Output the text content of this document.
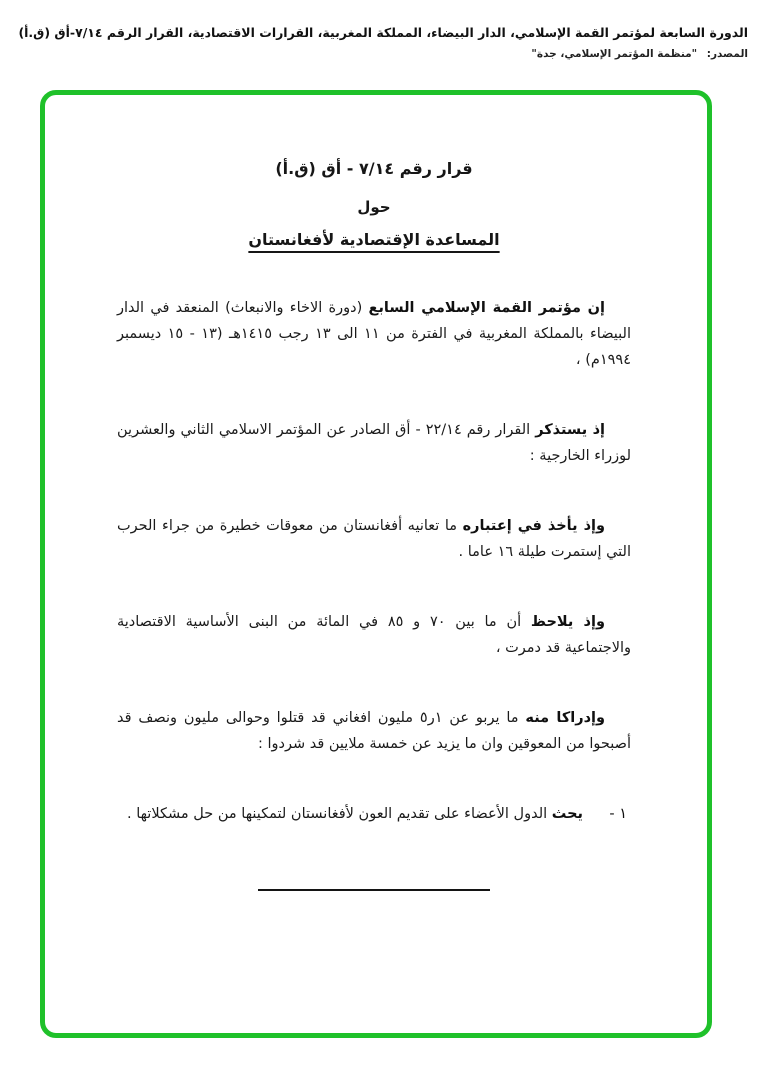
الدورة السابعة لمؤتمر القمة الإسلامي، الدار البيضاء، المملكة المغربية، القرارات الاقتصادية، القرار الرقم ٧/١٤-أق (ق.أ)
المصدر: "منظمة المؤتمر الإسلامي، جدة"
قرار رقم ٧/١٤ - أق (ق.أ)
حول
المساعدة الإقتصادية لأفغانستان

إن مؤتمر القمة الإسلامي السابع (دورة الاخاء والانبعاث) المنعقد في الدار البيضاء بالمملكة المغربية في الفترة من ١١ الى ١٣ رجب ١٤١٥هـ (١٣ - ١٥ ديسمبر ١٩٩٤م) ،

إذ يستذكر القرار رقم ٢٢/١٤ - أق الصادر عن المؤتمر الاسلامي الثاني والعشرين لوزراء الخارجية :

وإذ يأخذ في إعتباره ما تعانيه أفغانستان من معوقات خطيرة من جراء الحرب التي إستمرت طيلة ١٦ عاما .

وإذ يلاحظ أن ما بين ٧٠ و ٨٥ في المائة من البنى الأساسية الاقتصادية والاجتماعية قد دمرت ،

وإدراكا منه ما يربو عن ١ر٥ مليون افغاني قد قتلوا وحوالى مليون ونصف قد أصبحوا من المعوقين وان ما يزيد عن خمسة ملايين قد شردوا :

١ -
يحث الدول الأعضاء على تقديم العون لأفغانستان لتمكينها من حل مشكلاتها .
